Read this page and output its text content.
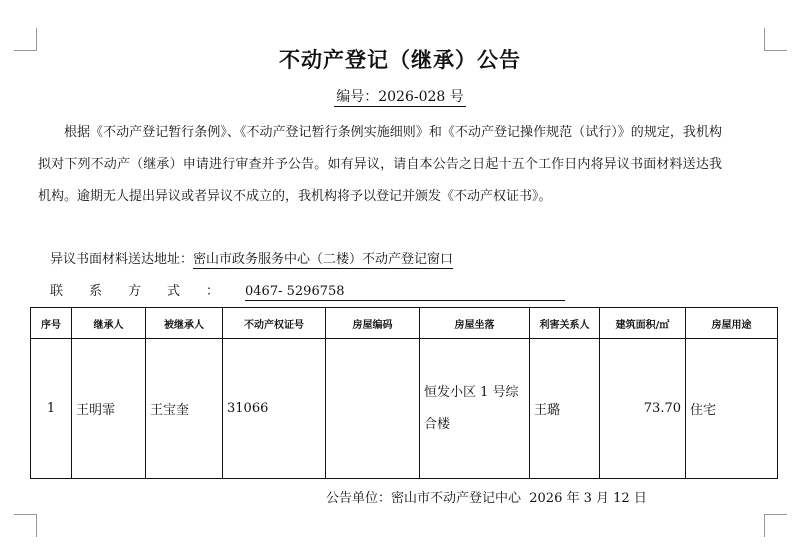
不动产登记（继承）公告
编号：2026-028 号

根据《不动产登记暂行条例》、《不动产登记暂行条例实施细则》和《不动产登记操作规范（试行）》的规定，我机构拟对下列不动产（继承）申请进行审查并予公告。如有异议，请自本公告之日起十五个工作日内将异议书面材料送达我机构。逾期无人提出异议或者异议不成立的，我机构将予以登记并颁发《不动产权证书》。

异议书面材料送达地址：密山市政务服务中心（二楼）不动产登记窗口
联系方式：0467- 5296758
序号	继承人	被继承人	不动产权证号	房屋编码	房屋坐落	利害关系人	建筑面积/㎡	房屋用途
1	王明霏	王宝奎	31066		恒发小区 1 号综合楼	王璐	73.70	住宅
公告单位：密山市不动产登记中心  2026 年 3 月 12 日
